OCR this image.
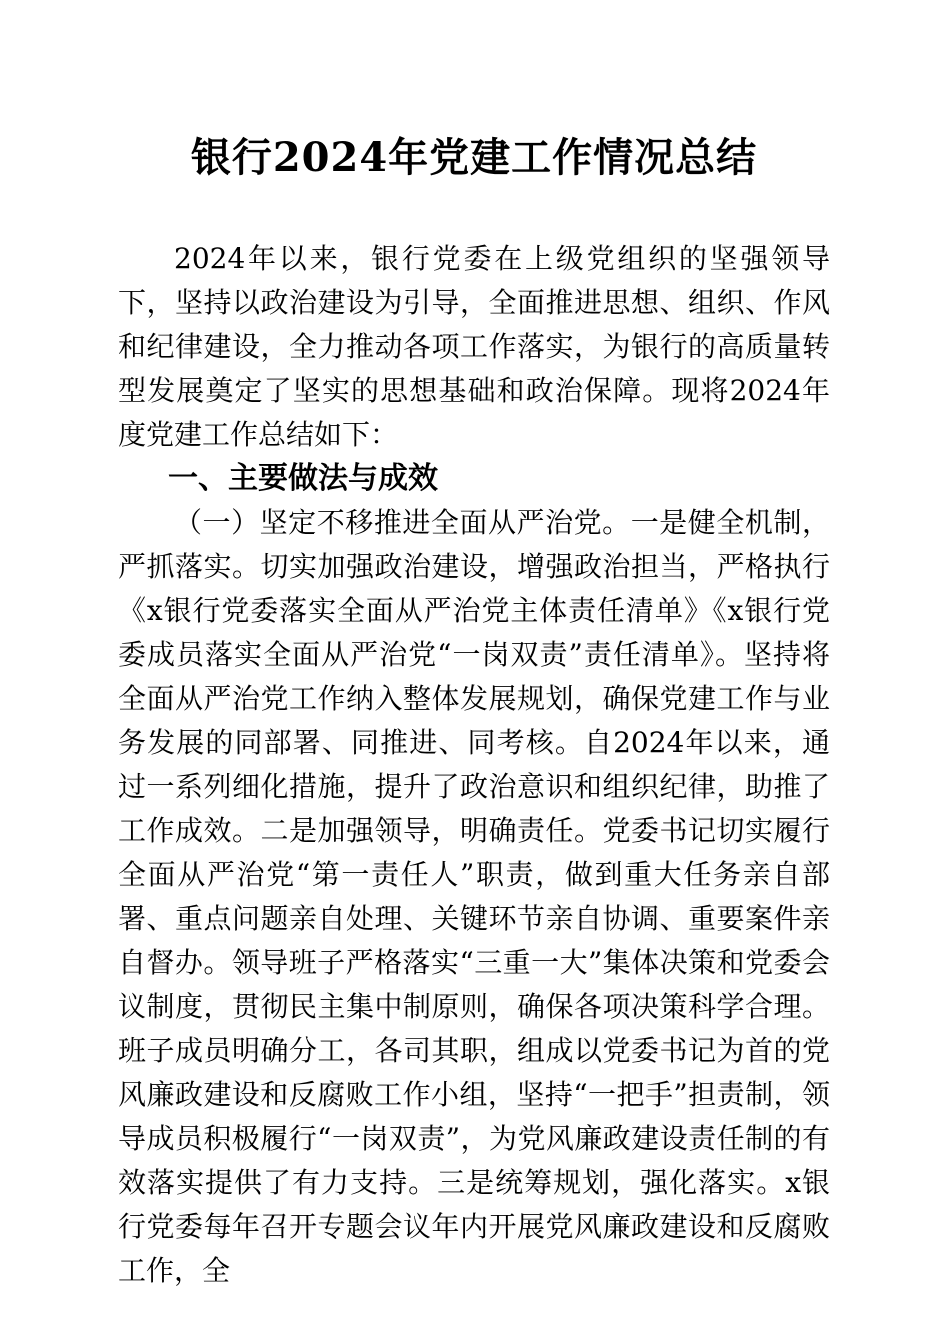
银行2024年党建工作情况总结

2024年以来，银行党委在上级党组织的坚强领导下，坚持以政治建设为引导，全面推进思想、组织、作风和纪律建设，全力推动各项工作落实，为银行的高质量转型发展奠定了坚实的思想基础和政治保障。现将2024年度党建工作总结如下：

一、主要做法与成效

（一）坚定不移推进全面从严治党。一是健全机制，严抓落实。切实加强政治建设，增强政治担当，严格执行《x银行党委落实全面从严治党主体责任清单》《x银行党委成员落实全面从严治党“一岗双责”责任清单》。坚持将全面从严治党工作纳入整体发展规划，确保党建工作与业务发展的同部署、同推进、同考核。自2024年以来，通过一系列细化措施，提升了政治意识和组织纪律，助推了工作成效。二是加强领导，明确责任。党委书记切实履行全面从严治党“第一责任人”职责，做到重大任务亲自部署、重点问题亲自处理、关键环节亲自协调、重要案件亲自督办。领导班子严格落实“三重一大”集体决策和党委会议制度，贯彻民主集中制原则，确保各项决策科学合理。班子成员明确分工，各司其职，组成以党委书记为首的党风廉政建设和反腐败工作小组，坚持“一把手”担责制，领导成员积极履行“一岗双责”，为党风廉政建设责任制的有效落实提供了有力支持。三是统筹规划，强化落实。x银行党委每年召开专题会议年内开展党风廉政建设和反腐败工作，全
